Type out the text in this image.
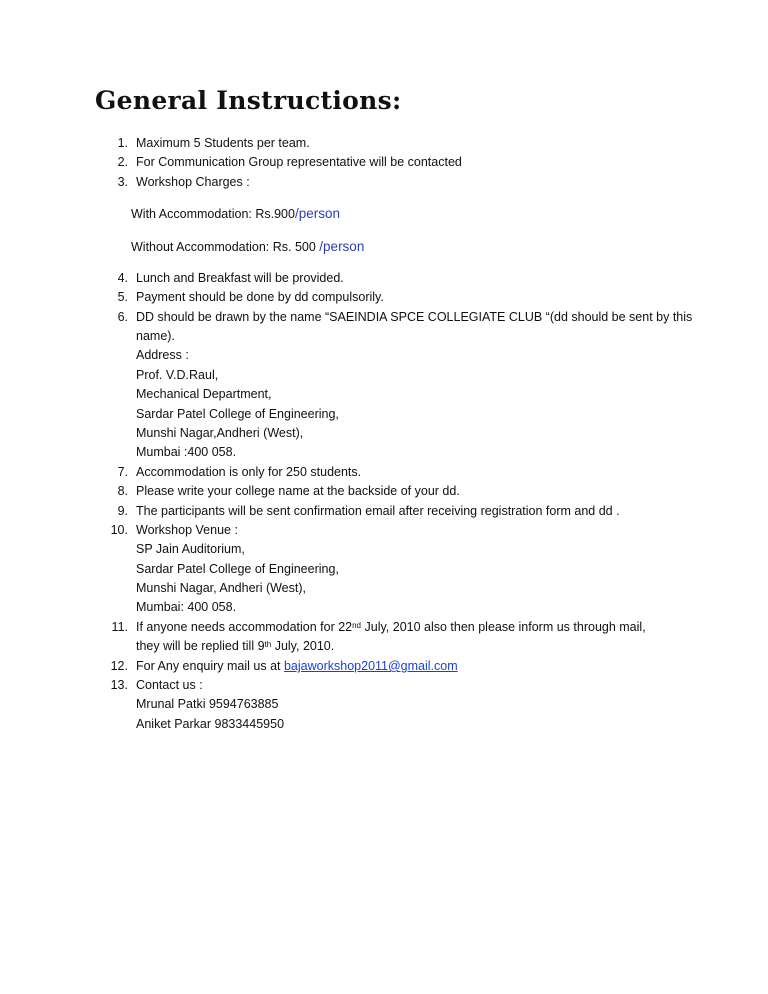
General Instructions:
1. Maximum 5 Students per team.
2. For Communication Group representative will be contacted
3. Workshop Charges :
With Accommodation: Rs.900/person
Without Accommodation: Rs. 500 /person
4. Lunch and Breakfast will be provided.
5. Payment should be done by dd compulsorily.
6. DD should be drawn by the name “SAEINDIA SPCE COLLEGIATE CLUB “(dd should be sent by this
name).
Address :
Prof. V.D.Raul,
Mechanical Department,
Sardar Patel College of Engineering,
Munshi Nagar,Andheri (West),
Mumbai :400 058.
7. Accommodation is only for 250 students.
8. Please write your college name at the backside of your dd.
9. The participants will be sent confirmation email after receiving registration form and dd .
10. Workshop Venue :
SP Jain Auditorium,
Sardar Patel College of Engineering,
Munshi Nagar, Andheri (West),
Mumbai: 400 058.
11. If anyone needs accommodation for 22nd July, 2010 also then please inform us through mail,
they will be replied till 9th July, 2010.
12. For Any enquiry mail us at bajaworkshop2011@gmail.com
13. Contact us :
Mrunal Patki 9594763885
Aniket Parkar 9833445950
